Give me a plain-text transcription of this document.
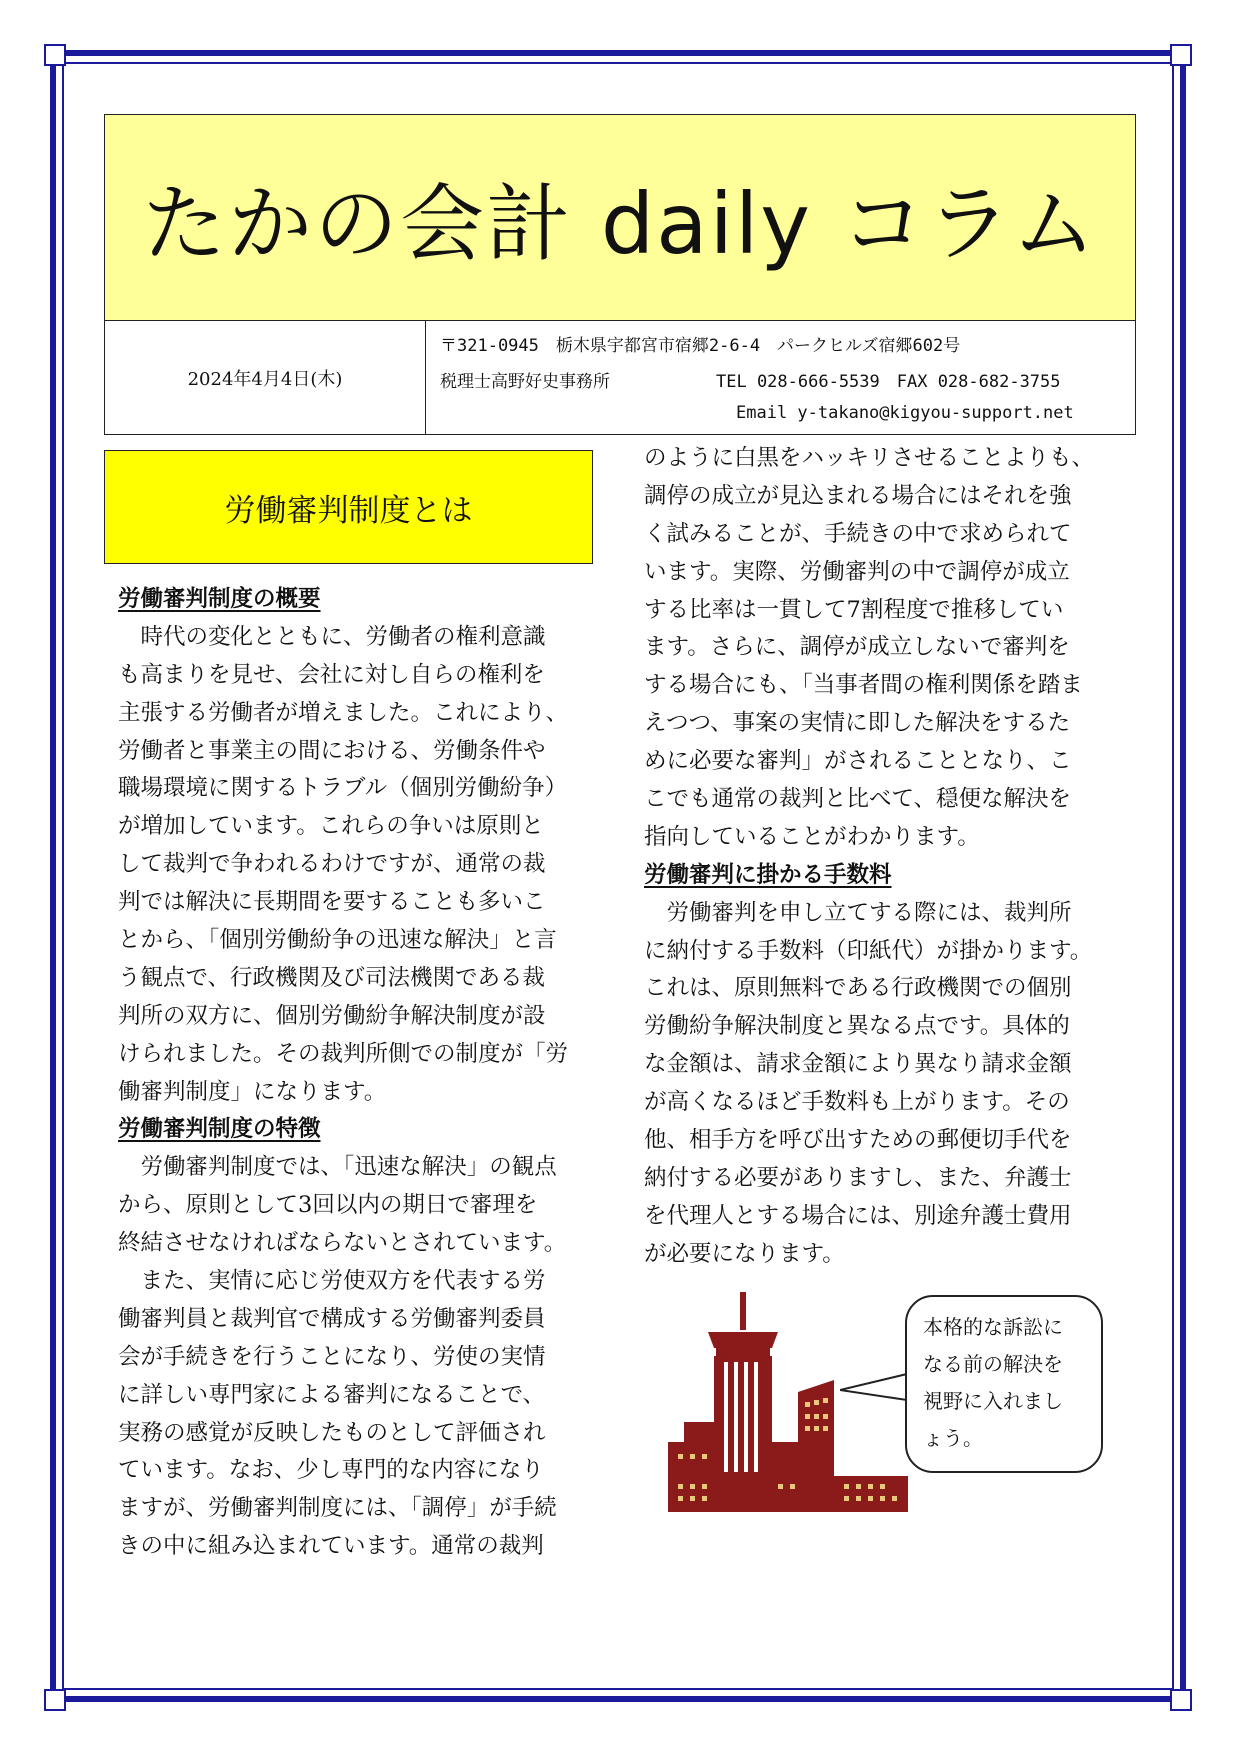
たかの会計 daily コラム
2024年4月4日(木)
〒321-0945　栃木県宇都宮市宿郷2-6-4　パークヒルズ宿郷602号
税理士高野好史事務所	TEL 028-666-5539　FAX 028-682-3755
Email y-takano@kigyou-support.net
労働審判制度とは
労働審判制度の概要
　時代の変化とともに、労働者の権利意識
も高まりを見せ、会社に対し自らの権利を
主張する労働者が増えました。これにより、
労働者と事業主の間における、労働条件や
職場環境に関するトラブル（個別労働紛争）
が増加しています。これらの争いは原則と
して裁判で争われるわけですが、通常の裁
判では解決に長期間を要することも多いこ
とから、「個別労働紛争の迅速な解決」と言
う観点で、行政機関及び司法機関である裁
判所の双方に、個別労働紛争解決制度が設
けられました。その裁判所側での制度が「労
働審判制度」になります。
労働審判制度の特徴
　労働審判制度では、「迅速な解決」の観点
から、原則として3回以内の期日で審理を
終結させなければならないとされています。
　また、実情に応じ労使双方を代表する労
働審判員と裁判官で構成する労働審判委員
会が手続きを行うことになり、労使の実情
に詳しい専門家による審判になることで、
実務の感覚が反映したものとして評価され
ています。なお、少し専門的な内容になり
ますが、労働審判制度には、「調停」が手続
きの中に組み込まれています。通常の裁判
のように白黒をハッキリさせることよりも、
調停の成立が見込まれる場合にはそれを強
く試みることが、手続きの中で求められて
います。実際、労働審判の中で調停が成立
する比率は一貫して7割程度で推移してい
ます。さらに、調停が成立しないで審判を
する場合にも、「当事者間の権利関係を踏ま
えつつ、事案の実情に即した解決をするた
めに必要な審判」がされることとなり、こ
こでも通常の裁判と比べて、穏便な解決を
指向していることがわかります。
労働審判に掛かる手数料
　労働審判を申し立てする際には、裁判所
に納付する手数料（印紙代）が掛かります。
これは、原則無料である行政機関での個別
労働紛争解決制度と異なる点です。具体的
な金額は、請求金額により異なり請求金額
が高くなるほど手数料も上がります。その
他、相手方を呼び出すための郵便切手代を
納付する必要がありますし、また、弁護士
を代理人とする場合には、別途弁護士費用
が必要になります。
本格的な訴訟に
なる前の解決を
視野に入れまし
ょう。
